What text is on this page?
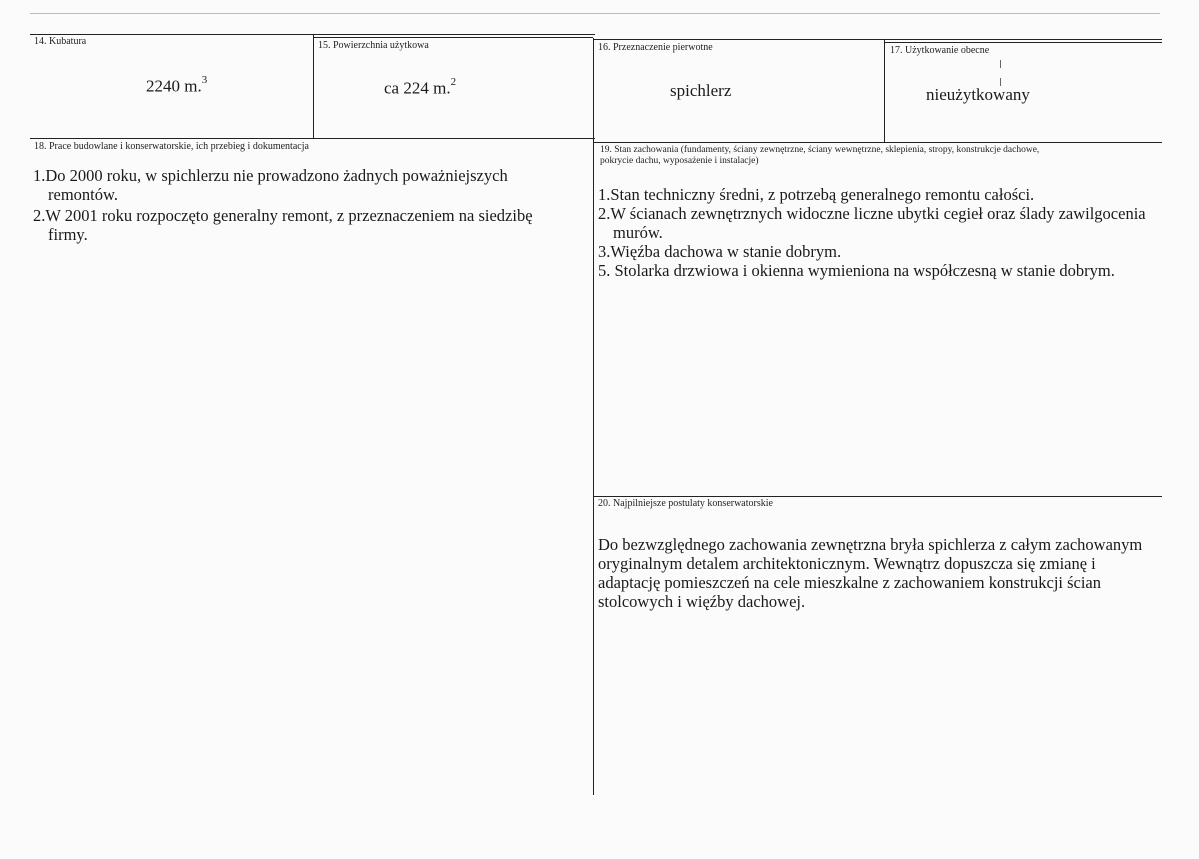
14. Kubatura
2240 m.$^3$
15. Powierzchnia użytkowa
ca 224 m.$^2$
16. Przeznaczenie pierwotne
spichlerz
17. Użytkowanie obecne
nieużytkowany
18. Prace budowlane i konserwatorskie, ich przebieg i dokumentacja
1.Do 2000 roku, w spichlerzu nie prowadzono żadnych poważniejszych remontów.
2.W 2001 roku rozpoczęto generalny remont, z przeznaczeniem na siedzibę firmy.
19. Stan zachowania (fundamenty, ściany zewnętrzne, ściany wewnętrzne, sklepienia, stropy, konstrukcje dachowe, pokrycie dachu, wyposażenie i instalacje)
1.Stan techniczny średni, z potrzebą generalnego remontu całości.
2.W ścianach zewnętrznych widoczne liczne ubytki cegieł oraz ślady zawilgocenia murów.
3.Więźba dachowa w stanie dobrym.
5. Stolarka drzwiowa i okienna wymieniona na współczesną w stanie dobrym.
20. Najpilniejsze postulaty konserwatorskie
Do bezwzględnego zachowania zewnętrzna bryła spichlerza z całym zachowanym oryginalnym detalem architektonicznym. Wewnątrz dopuszcza się zmianę i adaptację pomieszczeń na cele mieszkalne z zachowaniem konstrukcji ścian stolcowych i więźby dachowej.
